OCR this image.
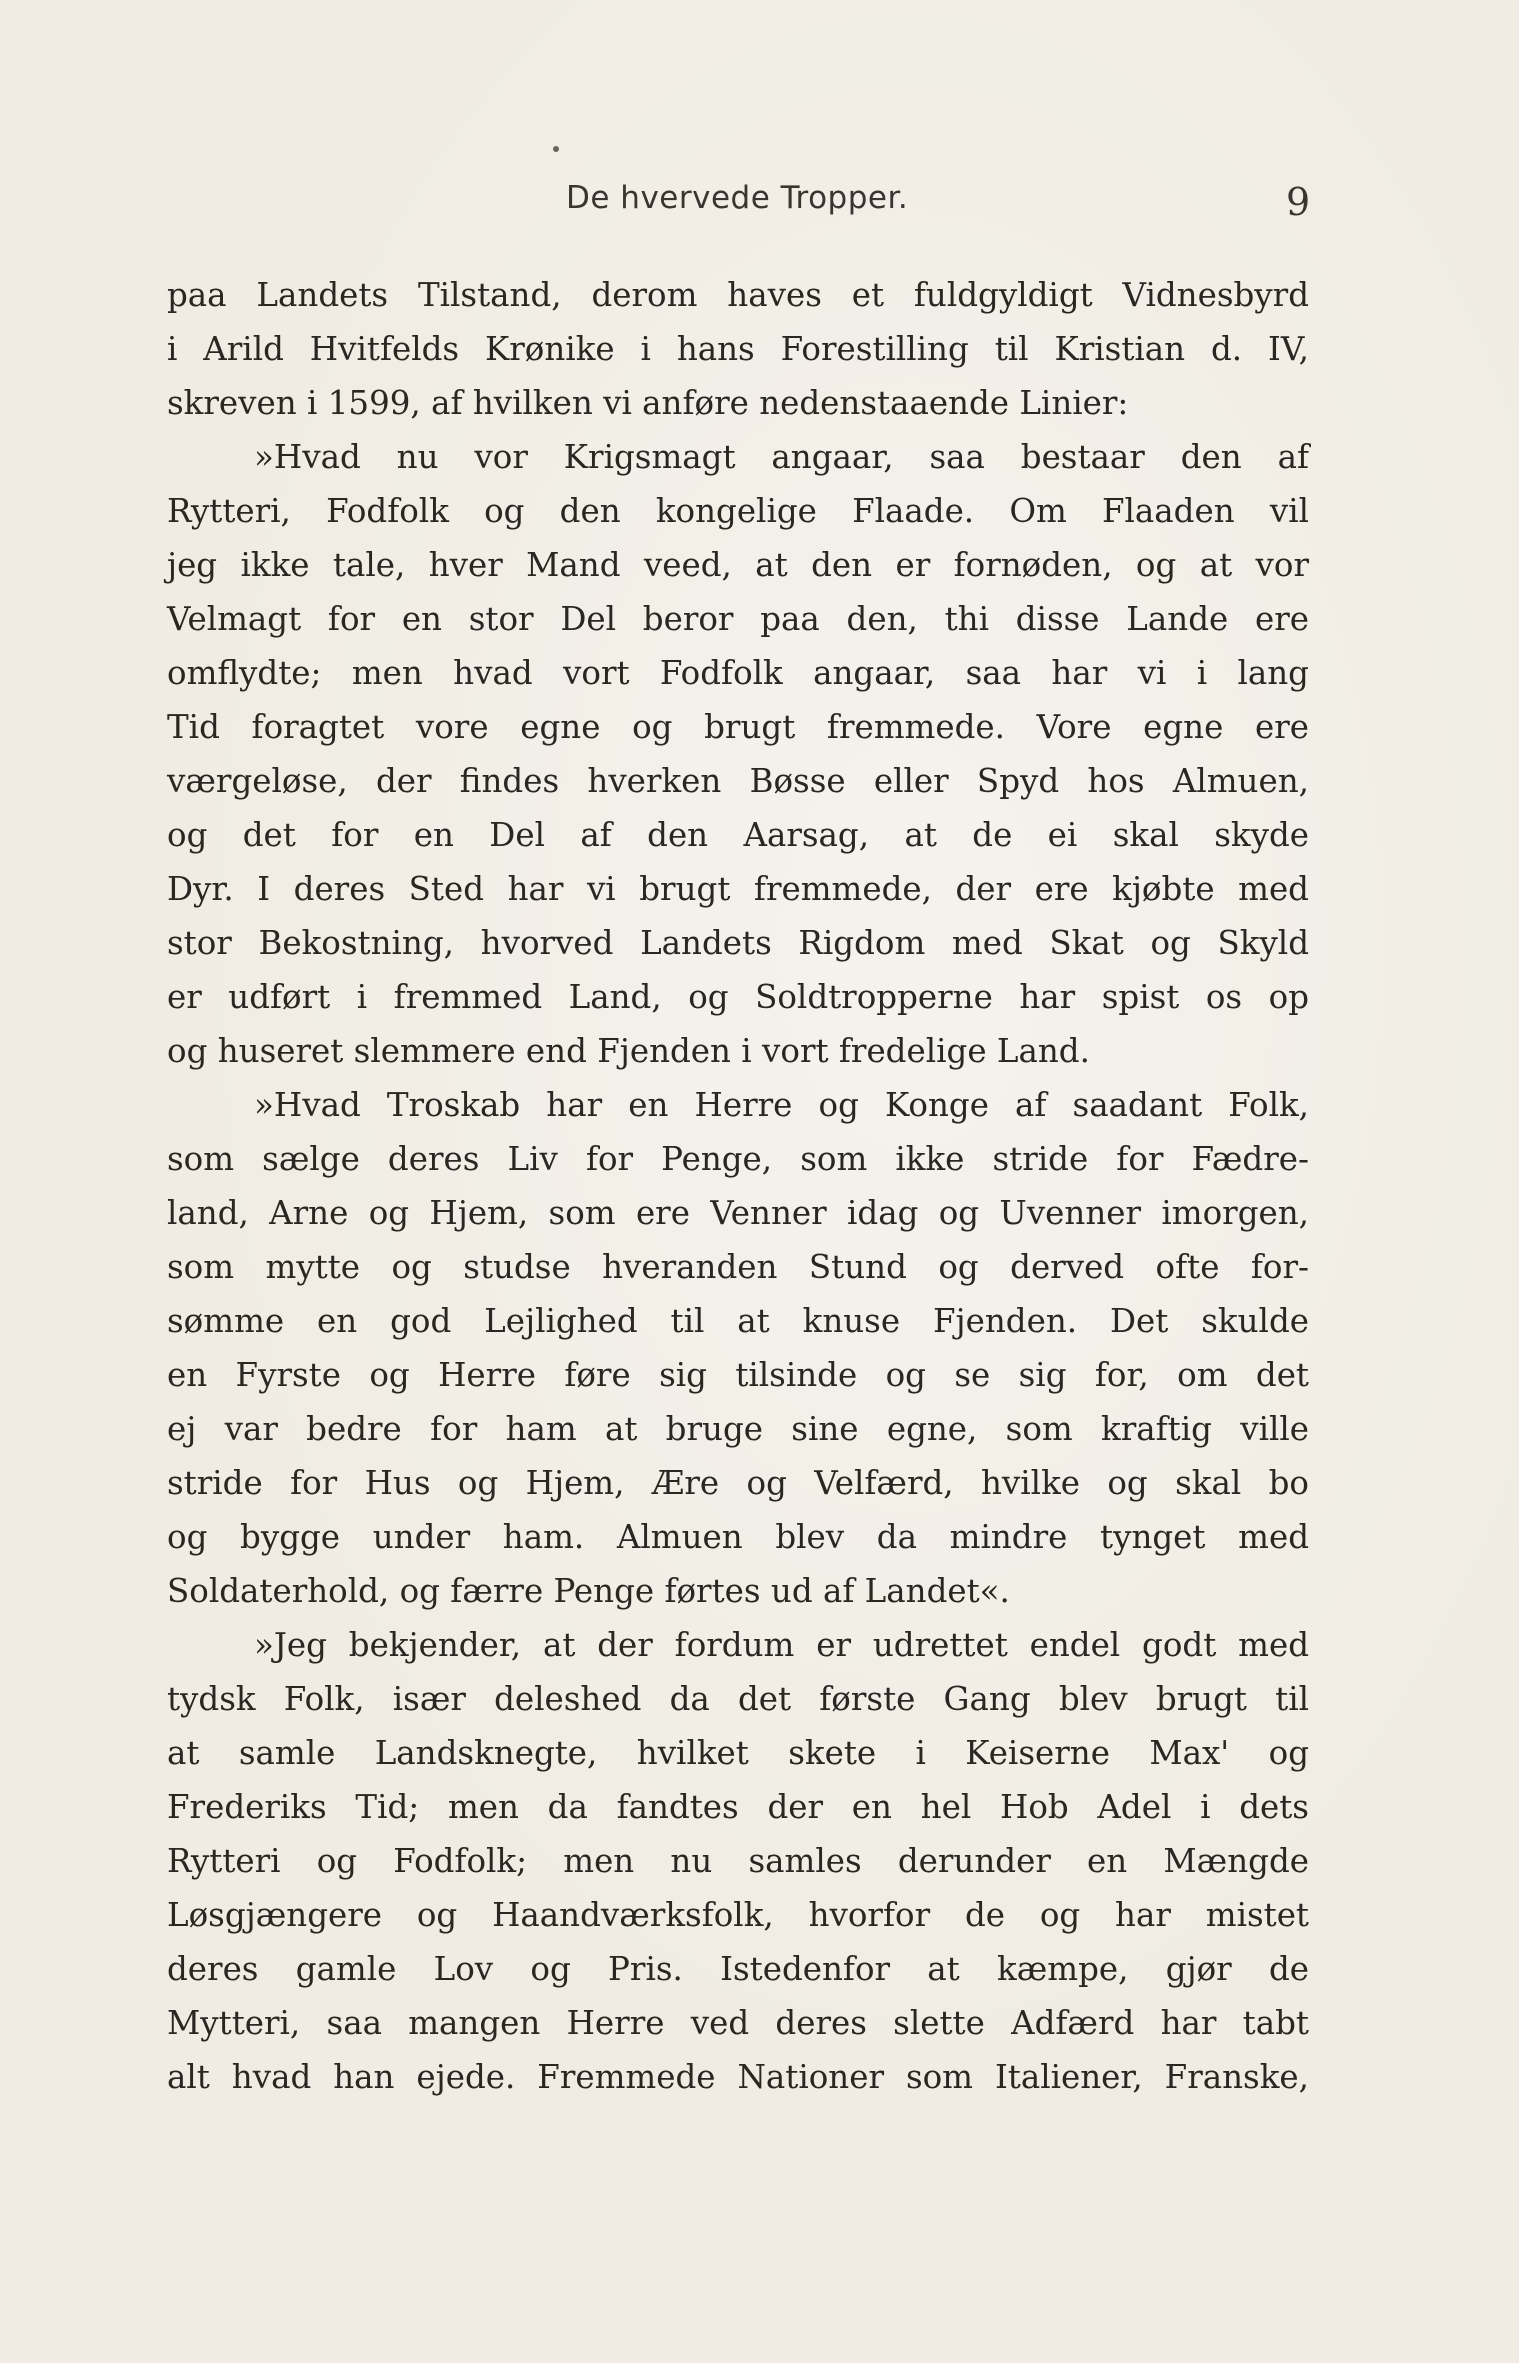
De hvervede Tropper.	9
paa Landets Tilstand, derom haves et fuldgyldigt Vidnesbyrd
i Arild Hvitfelds Krønike i hans Forestilling til Kristian d. IV,
skreven i 1599, af hvilken vi anføre nedenstaaende Linier:
»Hvad nu vor Krigsmagt angaar, saa bestaar den af
Rytteri, Fodfolk og den kongelige Flaade. Om Flaaden vil
jeg ikke tale, hver Mand veed, at den er fornøden, og at vor
Velmagt for en stor Del beror paa den, thi disse Lande ere
omflydte; men hvad vort Fodfolk angaar, saa har vi i lang
Tid foragtet vore egne og brugt fremmede. Vore egne ere
værgeløse, der findes hverken Bøsse eller Spyd hos Almuen,
og det for en Del af den Aarsag, at de ei skal skyde
Dyr. I deres Sted har vi brugt fremmede, der ere kjøbte med
stor Bekostning, hvorved Landets Rigdom med Skat og Skyld
er udført i fremmed Land, og Soldtropperne har spist os op
og huseret slemmere end Fjenden i vort fredelige Land.
»Hvad Troskab har en Herre og Konge af saadant Folk,
som sælge deres Liv for Penge, som ikke stride for Fædre-
land, Arne og Hjem, som ere Venner idag og Uvenner imorgen,
som mytte og studse hveranden Stund og derved ofte for-
sømme en god Lejlighed til at knuse Fjenden. Det skulde
en Fyrste og Herre føre sig tilsinde og se sig for, om det
ej var bedre for ham at bruge sine egne, som kraftig ville
stride for Hus og Hjem, Ære og Velfærd, hvilke og skal bo
og bygge under ham. Almuen blev da mindre tynget med
Soldaterhold, og færre Penge førtes ud af Landet«.
»Jeg bekjender, at der fordum er udrettet endel godt med
tydsk Folk, især deleshed da det første Gang blev brugt til
at samle Landsknegte, hvilket skete i Keiserne Max' og
Frederiks Tid; men da fandtes der en hel Hob Adel i dets
Rytteri og Fodfolk; men nu samles derunder en Mængde
Løsgjængere og Haandværksfolk, hvorfor de og har mistet
deres gamle Lov og Pris. Istedenfor at kæmpe, gjør de
Mytteri, saa mangen Herre ved deres slette Adfærd har tabt
alt hvad han ejede. Fremmede Nationer som Italiener, Franske,
